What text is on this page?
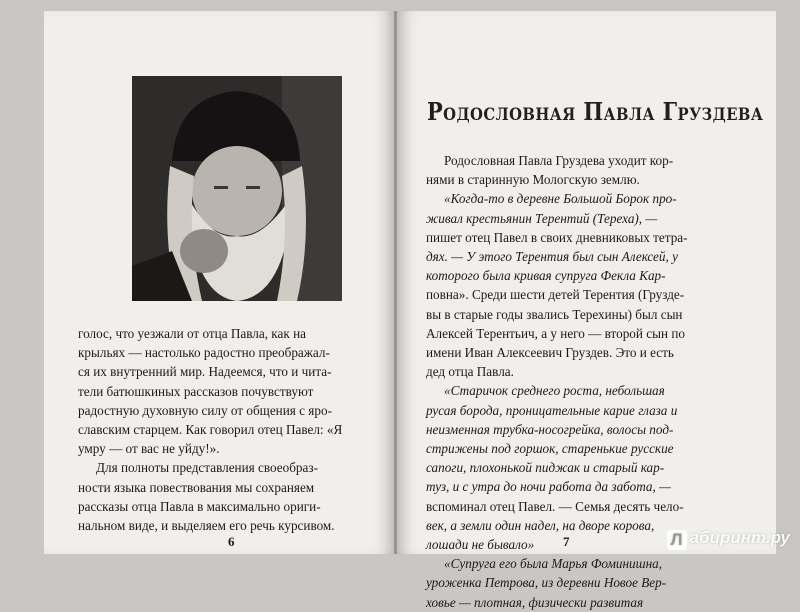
голос, что уезжали от отца Павла, как на
крыльях — настолько радостно преображал-
ся их внутренний мир. Надеемся, что и чита-
тели батюшкиных рассказов почувствуют
радостную духовную силу от общения с яро-
славским старцем. Как говорил отец Павел: «Я
умру — от вас не уйду!».
Для полноты представления своеобраз-
ности языка повествования мы сохраняем
рассказы отца Павла в максимально ориги-
нальном виде, и выделяем его речь курсивом.
6
Родословная Павла Груздева
Родословная Павла Груздева уходит кор-
нями в старинную Мологскую землю.
«Когда-то в деревне Большой Борок про-
живал крестьянин Терентий (Тереха), —
пишет отец Павел в своих дневниковых тетра-
дях. — У этого Терентия был сын Алексей, у
которого была кривая супруга Фекла Кар-
повна». Среди шести детей Терентия (Грузде-
вы в старые годы звались Терехины) был сын
Алексей Терентьич, а у него — второй сын по
имени Иван Алексеевич Груздев. Это и есть
дед отца Павла.
«Старичок среднего роста, небольшая
русая борода, проницательные карие глаза и
неизменная трубка-носогрейка, волосы под-
стрижены под горшок, старенькие русские
сапоги, плохонькой пиджак и старый кар-
туз, и с утра до ночи работа да забота, —
вспоминал отец Павел. — Семья десять чело-
век, а земли один надел, на дворе корова,
лошади не бывало»
«Супруга его была Марья Фоминишна,
уроженка Петрова, из деревни Новое Вер-
ховье — плотная, физически развитая
7	Л абиринт.ру
